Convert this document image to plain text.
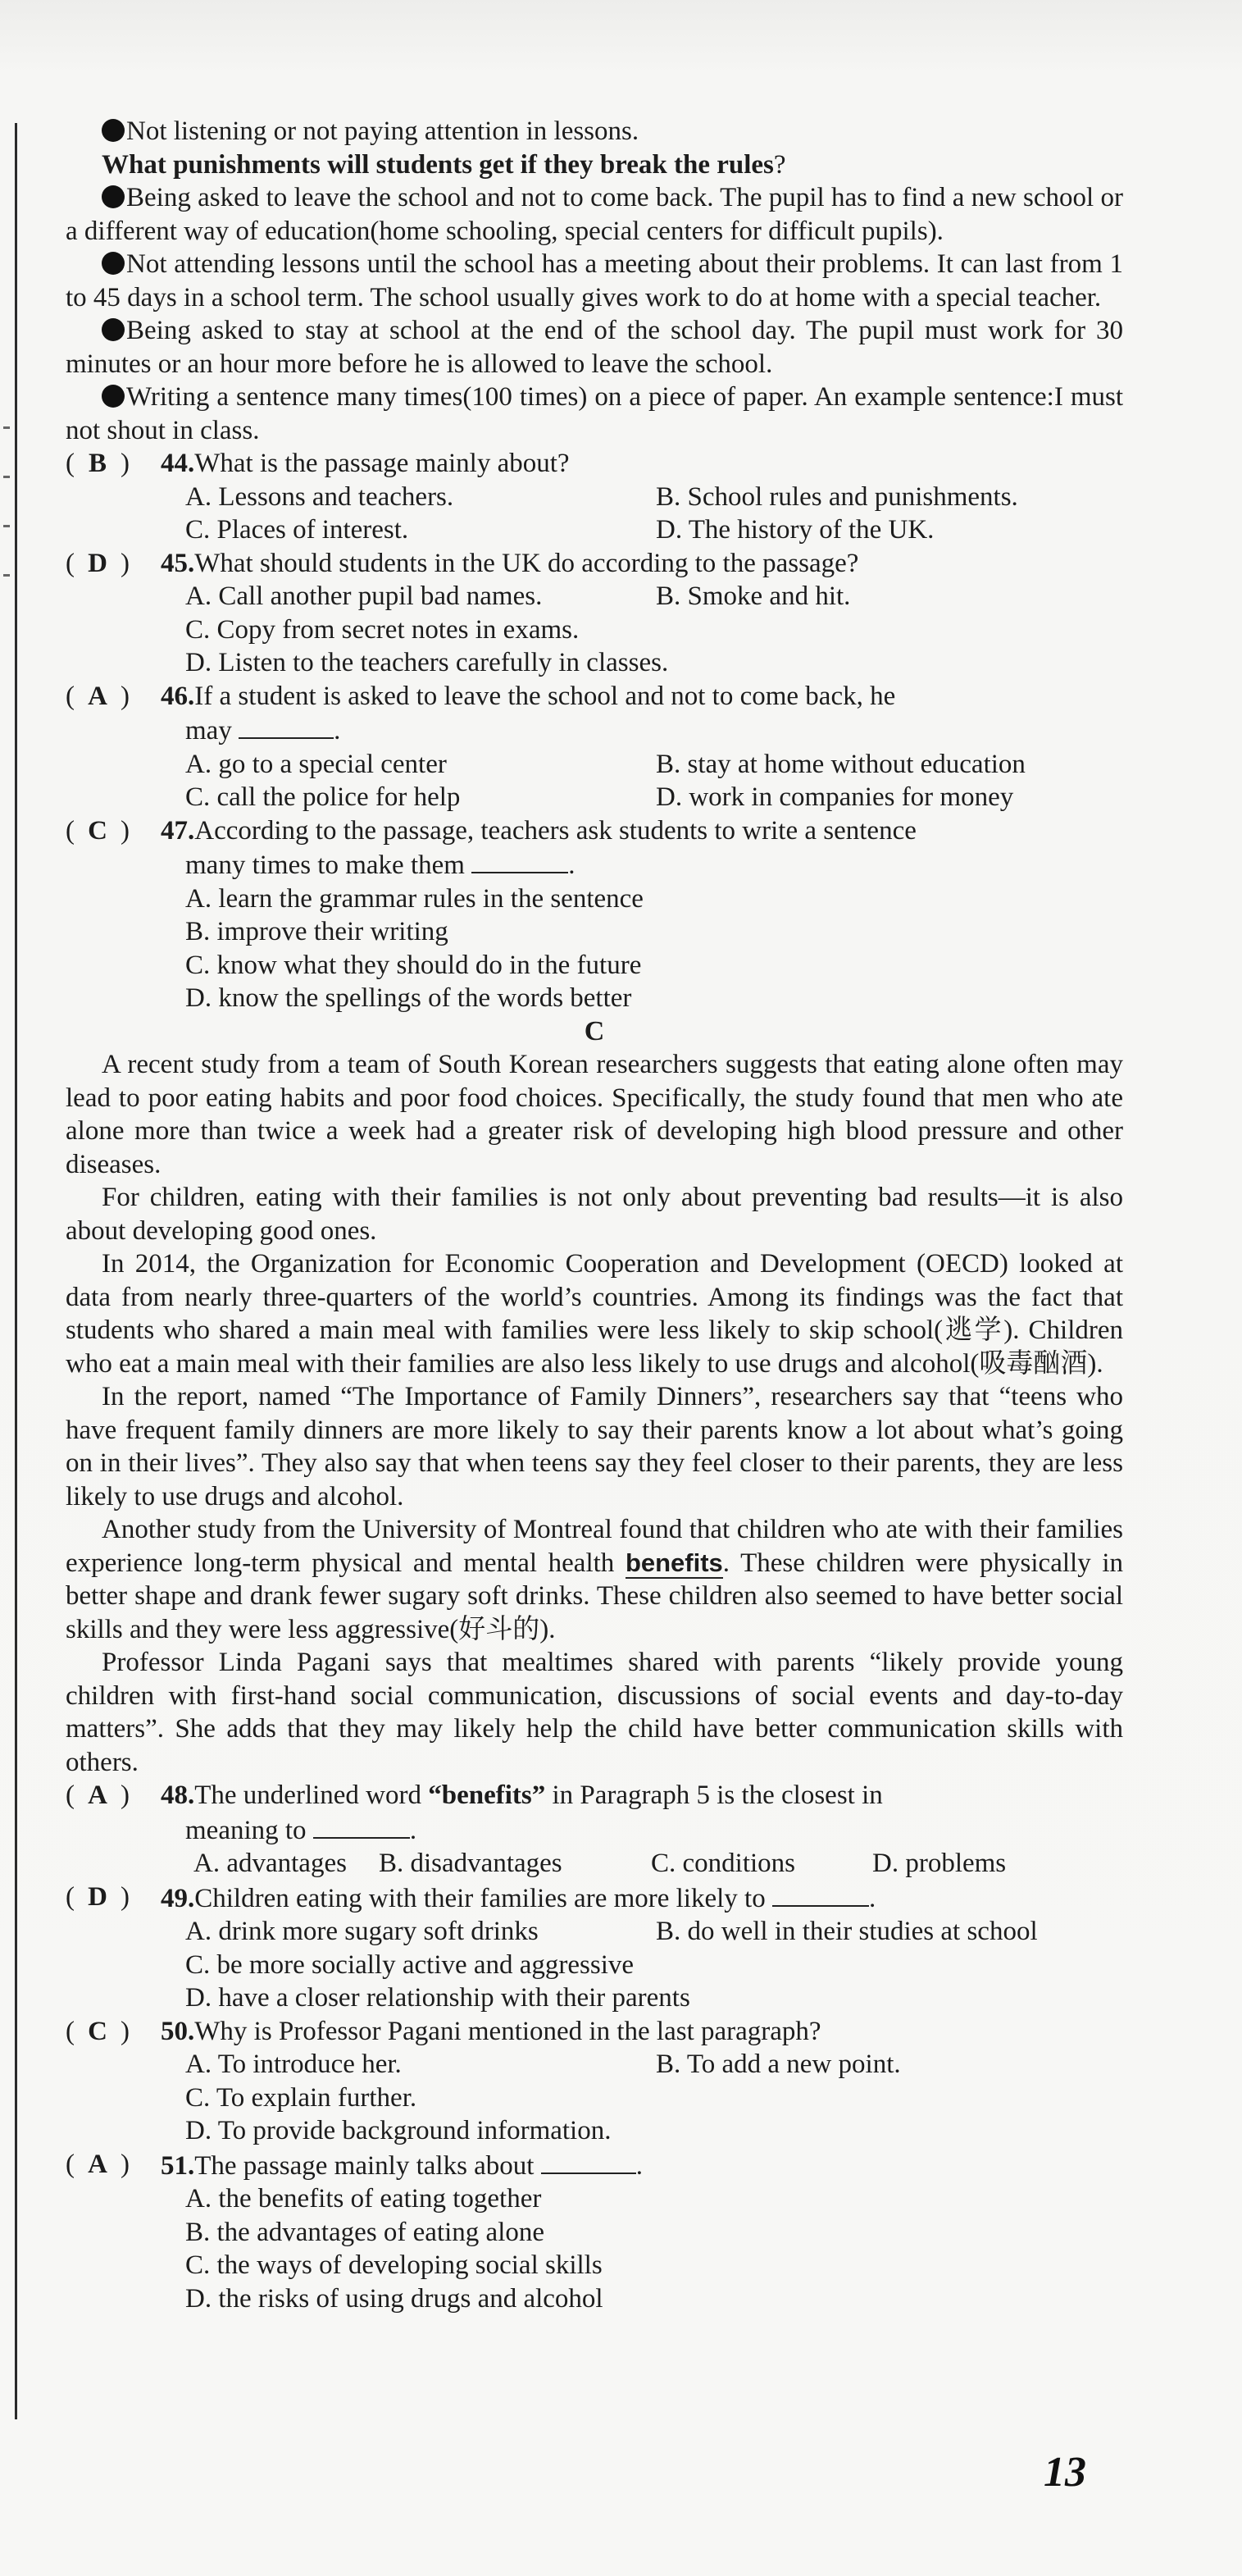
Not listening or not paying attention in lessons.

What punishments will students get if they break the rules?

Being asked to leave the school and not to come back. The pupil has to find a new school or a different way of education(home schooling, special centers for difficult pupils).

Not attending lessons until the school has a meeting about their problems. It can last from 1 to 45 days in a school term. The school usually gives work to do at home with a special teacher.

Being asked to stay at school at the end of the school day. The pupil must work for 30 minutes or an hour more before he is allowed to leave the school.

Writing a sentence many times(100 times) on a piece of paper. An example sentence:I must not shout in class.

( B )	44.What is the passage mainly about?
A. Lessons and teachers.	B. School rules and punishments.
C. Places of interest.	D. The history of the UK.
( D )	45.What should students in the UK do according to the passage?
A. Call another pupil bad names.	B. Smoke and hit.
C. Copy from secret notes in exams.
D. Listen to the teachers carefully in classes.
( A )	46.If a student is asked to leave the school and not to come back, he
may	.
A. go to a special center	B. stay at home without education
C. call the police for help	D. work in companies for money
( C )	47.According to the passage, teachers ask students to write a sentence
many times to make them	.
A. learn the grammar rules in the sentence
B. improve their writing
C. know what they should do in the future
D. know the spellings of the words better

C

A recent study from a team of South Korean researchers suggests that eating alone often may lead to poor eating habits and poor food choices. Specifically, the study found that men who ate alone more than twice a week had a greater risk of developing high blood pressure and other diseases.

For children, eating with their families is not only about preventing bad results—it is also about developing good ones.

In 2014, the Organization for Economic Cooperation and Development (OECD) looked at data from nearly three-quarters of the world’s countries. Among its findings was the fact that students who shared a main meal with families were less likely to skip school(逃学). Children who eat a main meal with their families are also less likely to use drugs and alcohol(吸毒酗酒).

In the report, named “The Importance of Family Dinners”, researchers say that “teens who have frequent family dinners are more likely to say their parents know a lot about what’s going on in their lives”. They also say that when teens say they feel closer to their parents, they are less likely to use drugs and alcohol.

Another study from the University of Montreal found that children who ate with their families experience long-term physical and mental health benefits. These children were physically in better shape and drank fewer sugary soft drinks. These children also seemed to have better social skills and they were less aggressive(好斗的).

Professor Linda Pagani says that mealtimes shared with parents “likely provide young children with first-hand social communication, discussions of social events and day-to-day matters”. She adds that they may likely help the child have better communication skills with others.

( A )	48.The underlined word “benefits” in Paragraph 5 is the closest in
meaning to	.
A. advantages	B. disadvantages	C. conditions	D. problems
( D )	49.Children eating with their families are more likely to	.
A. drink more sugary soft drinks	B. do well in their studies at school
C. be more socially active and aggressive
D. have a closer relationship with their parents
( C )	50.Why is Professor Pagani mentioned in the last paragraph?
A. To introduce her.	B. To add a new point.
C. To explain further.
D. To provide background information.
( A )	51.The passage mainly talks about	.
A. the benefits of eating together
B. the advantages of eating alone
C. the ways of developing social skills
D. the risks of using drugs and alcohol
13
